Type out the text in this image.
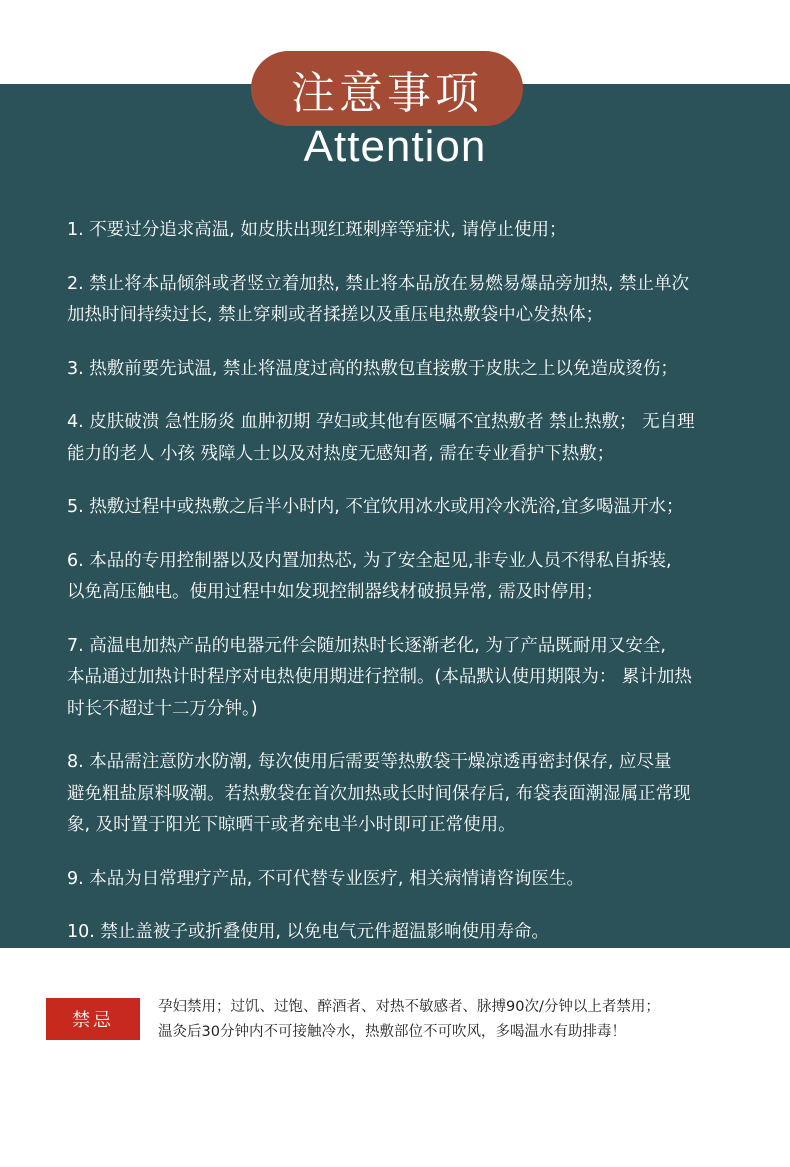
注意事项
Attention
1. 不要过分追求高温, 如皮肤出现红斑刺痒等症状, 请停止使用；
2. 禁止将本品倾斜或者竖立着加热, 禁止将本品放在易燃易爆品旁加热, 禁止单次
加热时间持续过长, 禁止穿刺或者揉搓以及重压电热敷袋中心发热体；
3. 热敷前要先试温, 禁止将温度过高的热敷包直接敷于皮肤之上以免造成烫伤；
4. 皮肤破溃 急性肠炎 血肿初期 孕妇或其他有医嘱不宜热敷者 禁止热敷； 无自理
能力的老人 小孩 残障人士以及对热度无感知者, 需在专业看护下热敷；
5. 热敷过程中或热敷之后半小时内, 不宜饮用冰水或用冷水洗浴,宜多喝温开水；
6. 本品的专用控制器以及内置加热芯, 为了安全起见,非专业人员不得私自拆装,
以免高压触电。使用过程中如发现控制器线材破损异常, 需及时停用；
7. 高温电加热产品的电器元件会随加热时长逐渐老化, 为了产品既耐用又安全,
本品通过加热计时程序对电热使用期进行控制。(本品默认使用期限为： 累计加热
时长不超过十二万分钟。)
8. 本品需注意防水防潮, 每次使用后需要等热敷袋干燥凉透再密封保存, 应尽量
避免粗盐原料吸潮。若热敷袋在首次加热或长时间保存后, 布袋表面潮湿属正常现
象, 及时置于阳光下晾晒干或者充电半小时即可正常使用。
9. 本品为日常理疗产品, 不可代替专业医疗, 相关病情请咨询医生。
10. 禁止盖被子或折叠使用, 以免电气元件超温影响使用寿命。
禁忌
孕妇禁用；过饥、过饱、醉酒者、对热不敏感者、脉搏90次/分钟以上者禁用；
温灸后30分钟内不可接触冷水，热敷部位不可吹风，多喝温水有助排毒！
